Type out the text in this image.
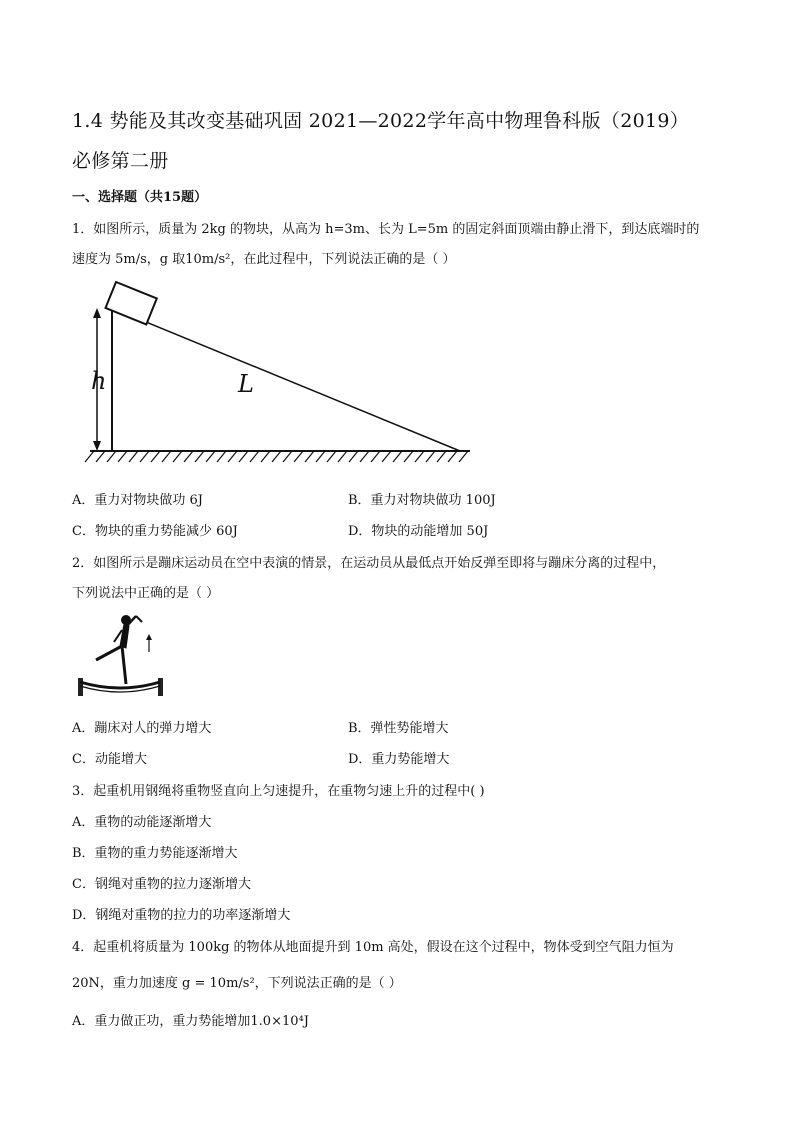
1.4 势能及其改变基础巩固 2021—2022学年高中物理鲁科版（2019）
必修第二册
一、选择题（共15题）
1．如图所示，质量为 2kg 的物块，从高为 h=3m、长为 L=5m 的固定斜面顶端由静止滑下，到达底端时的
速度为 5m/s，g 取10m/s²，在此过程中，下列说法正确的是（ ）
h	L
A．重力对物块做功 6J	B．重力对物块做功 100J
C．物块的重力势能减少 60J	D．物块的动能增加 50J
2．如图所示是蹦床运动员在空中表演的情景，在运动员从最低点开始反弹至即将与蹦床分离的过程中，
下列说法中正确的是（ ）
A．蹦床对人的弹力增大	B．弹性势能增大
C．动能增大	D．重力势能增大
3．起重机用钢绳将重物竖直向上匀速提升，在重物匀速上升的过程中( )
A．重物的动能逐渐增大
B．重物的重力势能逐渐增大
C．钢绳对重物的拉力逐渐增大
D．钢绳对重物的拉力的功率逐渐增大
4．起重机将质量为 100kg 的物体从地面提升到 10m 高处，假设在这个过程中，物体受到空气阻力恒为
20N，重力加速度 g = 10m/s²，下列说法正确的是（ ）
A．重力做正功，重力势能增加1.0×10⁴J
